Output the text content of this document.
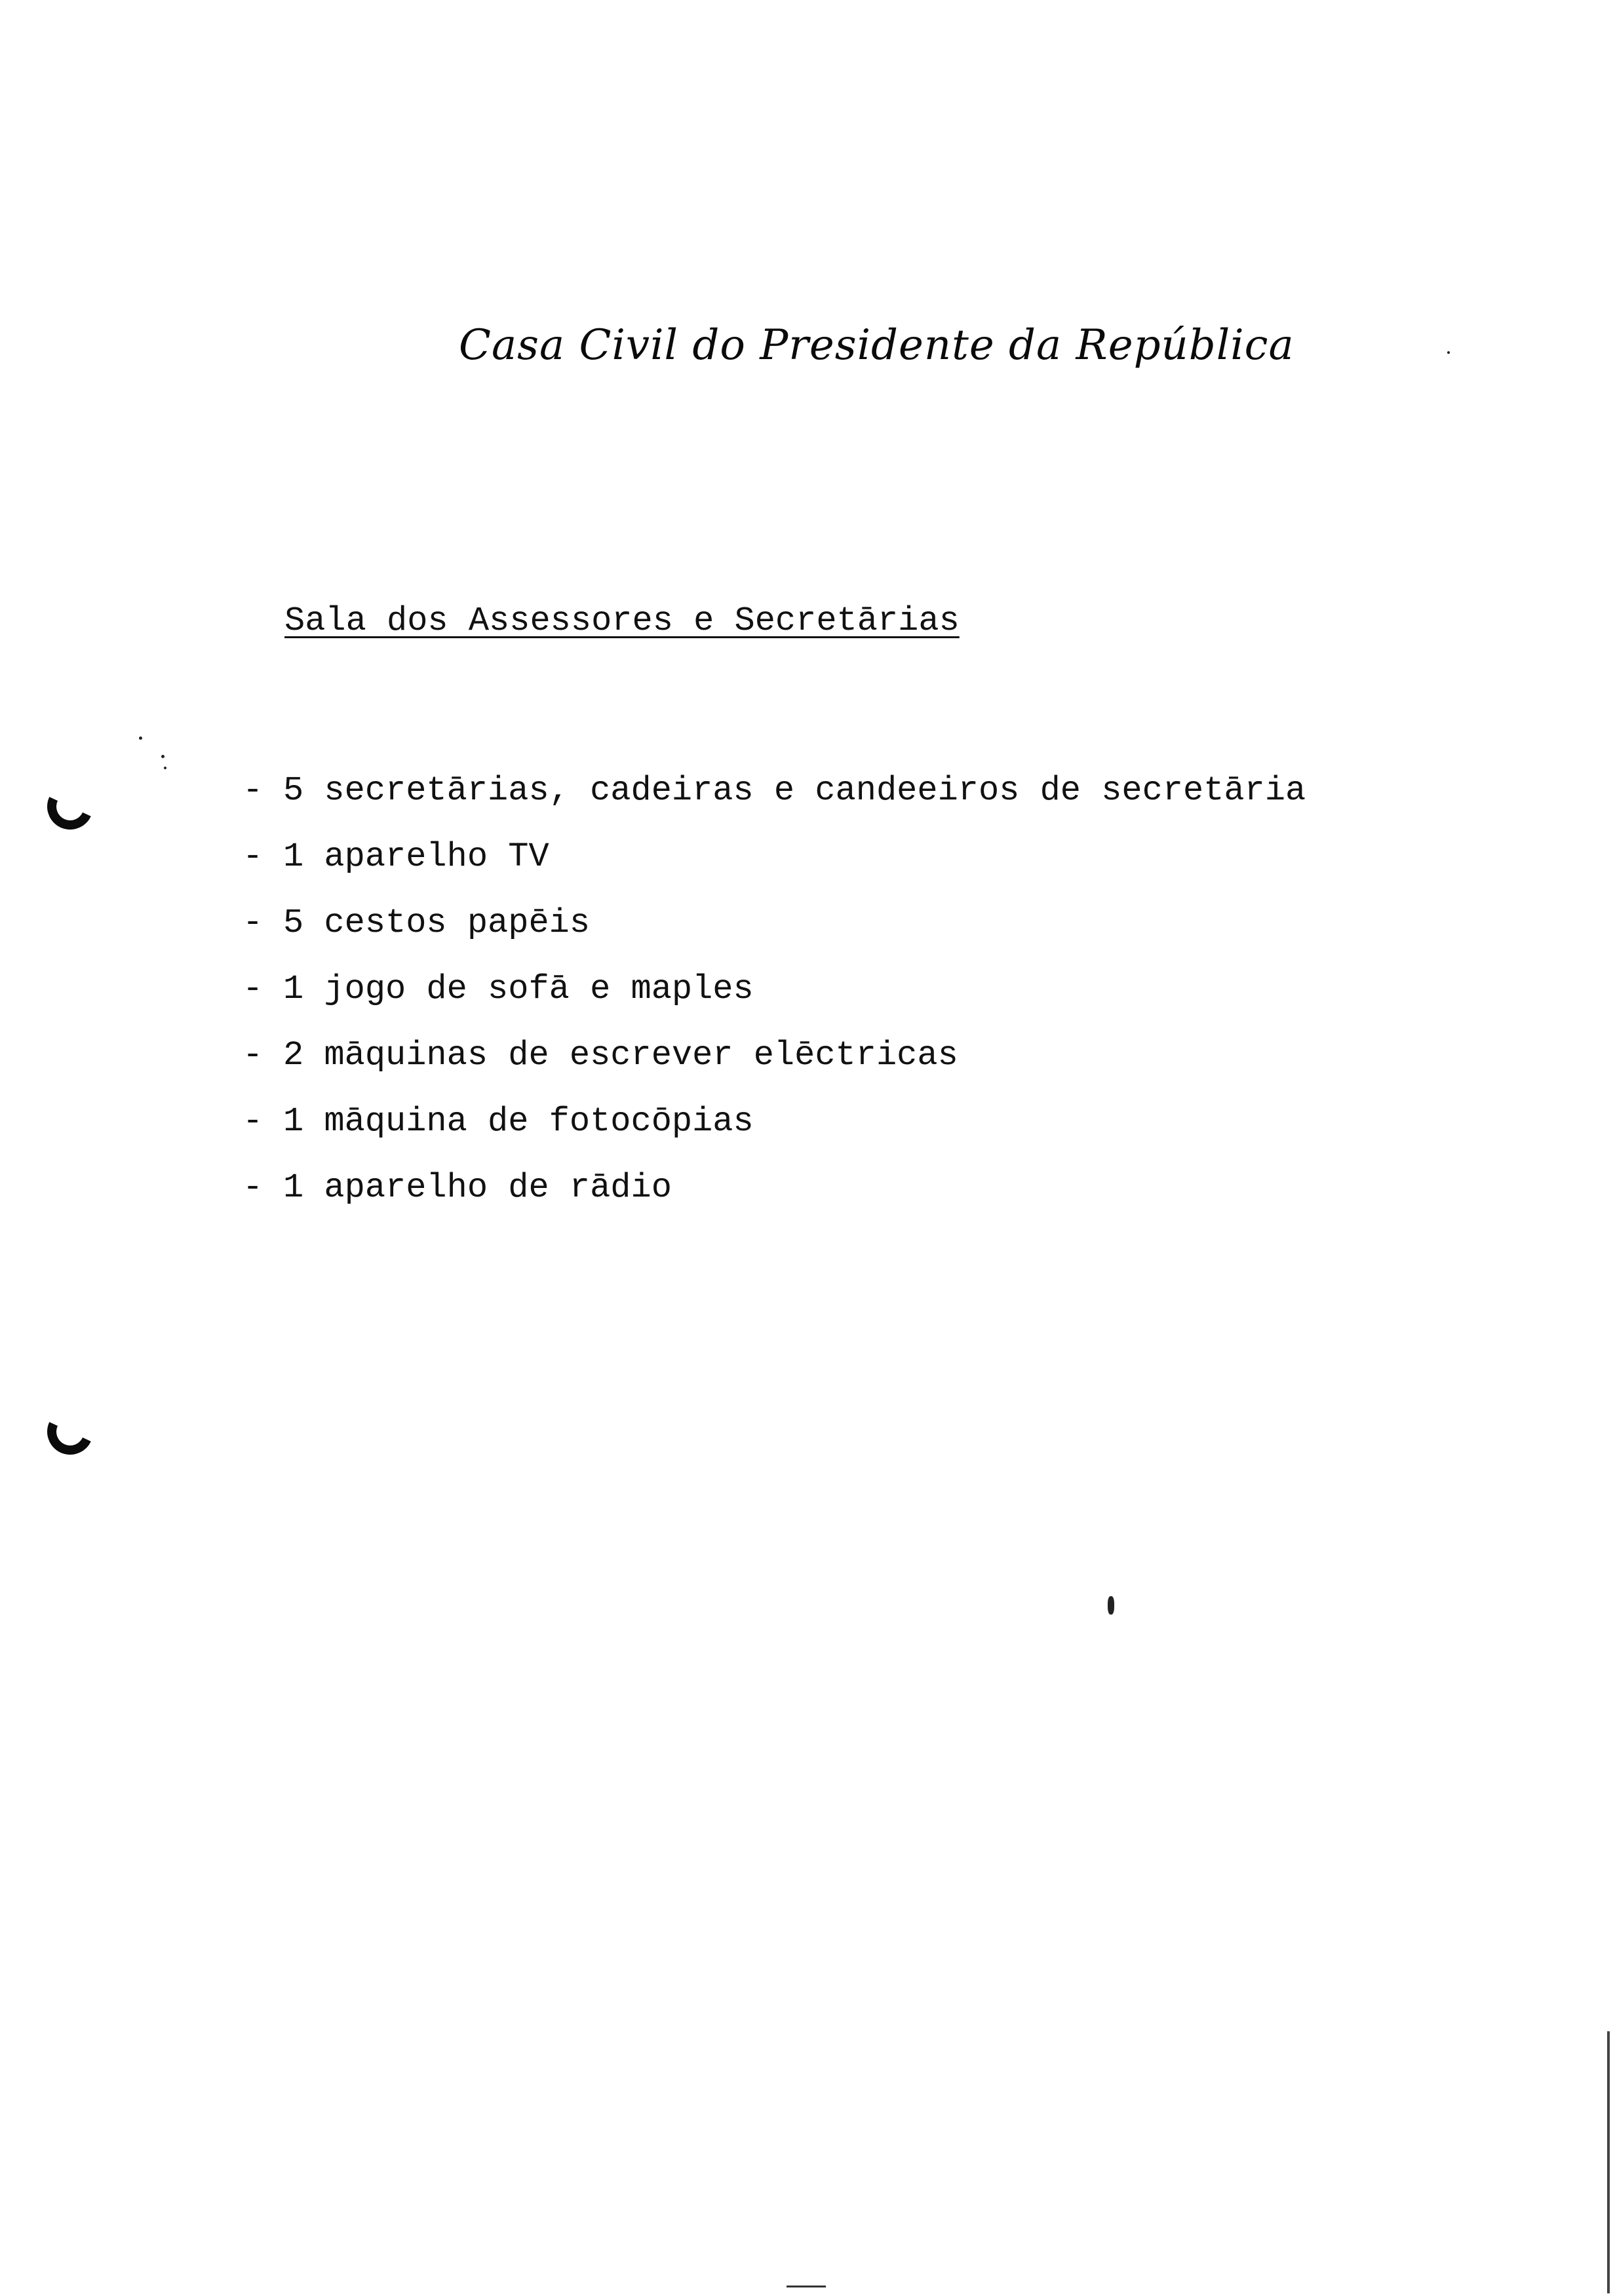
Casa Civil do Presidente da República
Sala dos Assessores e Secretārias
- 5 secretārias, cadeiras e candeeiros de secretāria
- 1 aparelho TV
- 5 cestos papēis
- 1 jogo de sofā e maples
- 2 māquinas de escrever elēctricas
- 1 māquina de fotocōpias
- 1 aparelho de rādio
